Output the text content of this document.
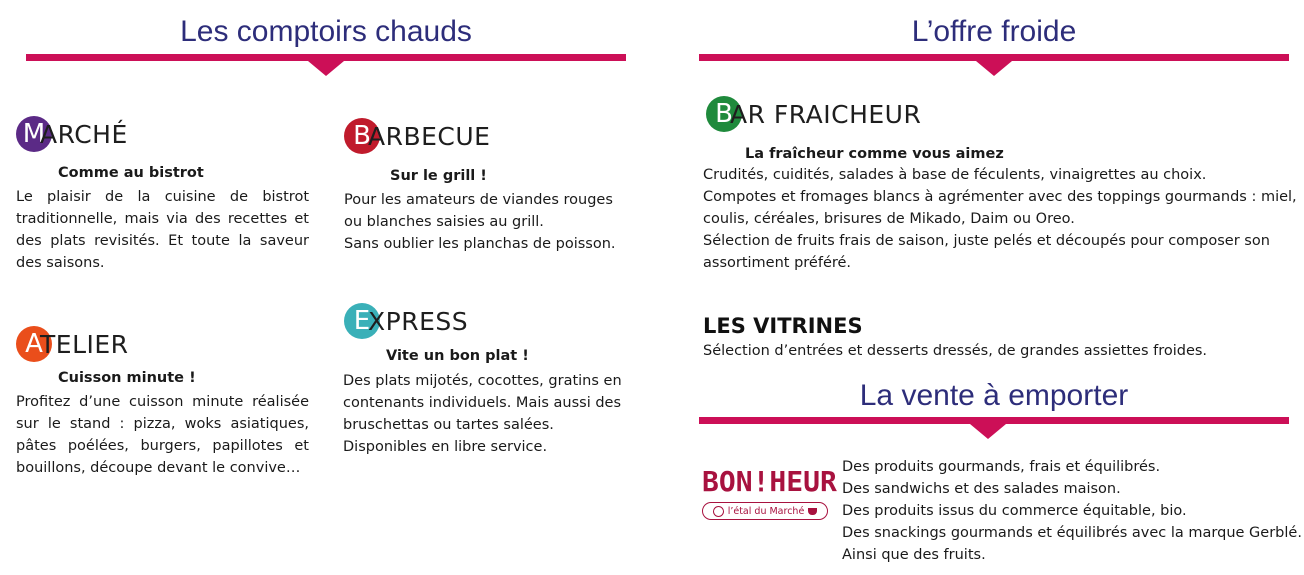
Les comptoirs chauds	L’offre froide
M
ARCHÉ
Comme au bistrot

Le plaisir de la cuisine de bistrot

traditionnelle, mais via des recettes et

des plats revisités. Et toute la saveur

des saisons.

B
ARBECUE
Sur le grill !
Pour les amateurs de viandes rouges
ou blanches saisies au grill.
Sans oublier les planchas de poisson.
A
TELIER
Cuisson minute !

Profitez d’une cuisson minute réalisée

sur le stand : pizza, woks asiatiques,

pâtes poélées, burgers, papillotes et

bouillons, découpe devant le convive…

E
XPRESS
Vite un bon plat !
Des plats mijotés, cocottes, gratins en
contenants individuels. Mais aussi des
bruschettas ou tartes salées.
Disponibles en libre service.
B
AR FRAICHEUR
La fraîcheur comme vous aimez
Crudités, cuidités, salades à base de féculents, vinaigrettes au choix.
Compotes et fromages blancs à agrémenter avec des toppings gourmands : miel,
coulis, céréales, brisures de Mikado, Daim ou Oreo.
Sélection de fruits frais de saison, juste pelés et découpés pour composer son
assortiment préféré.
LES VITRINES
Sélection d’entrées et desserts dressés, de grandes assiettes froides.
La vente à emporter
BON!HEUR
l’étal du Marché
Des produits gourmands, frais et équilibrés.
Des sandwichs et des salades maison.
Des produits issus du commerce équitable, bio.
Des snackings gourmands et équilibrés avec la marque Gerblé.
Ainsi que des fruits.
